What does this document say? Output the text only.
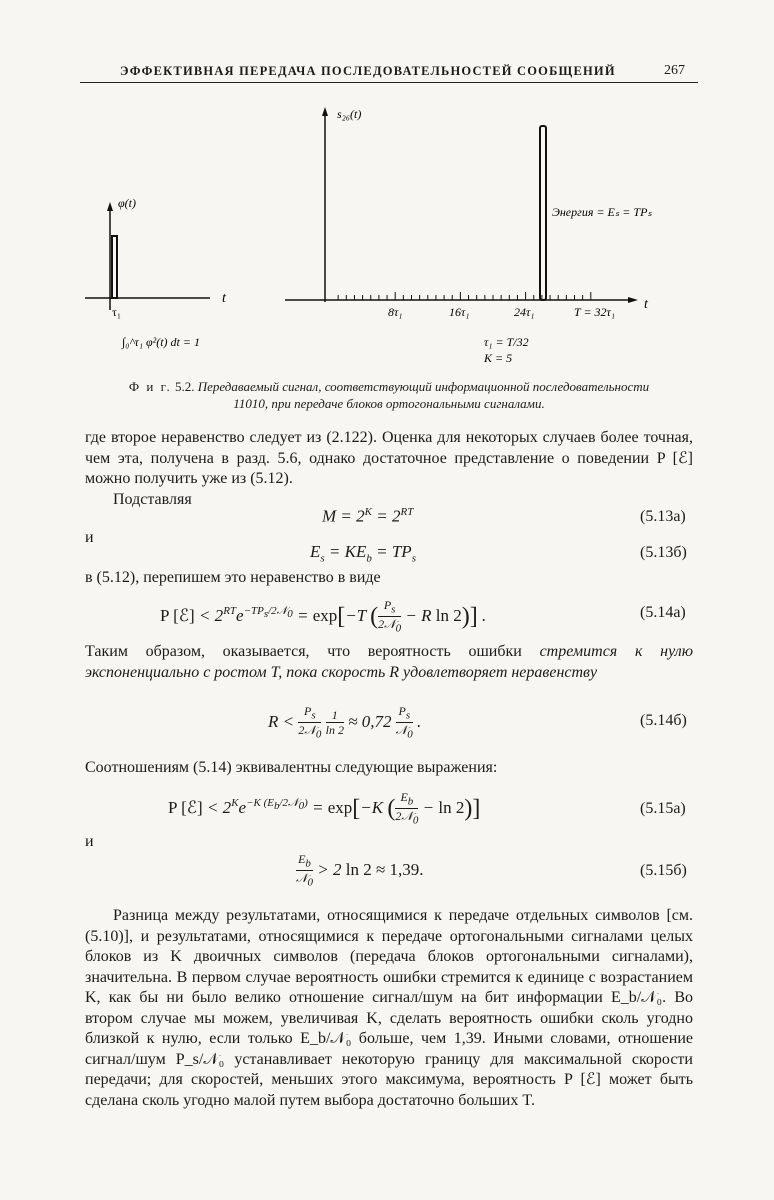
ЭФФЕКТИВНАЯ ПЕРЕДАЧА ПОСЛЕДОВАТЕЛЬНОСТЕЙ СООБЩЕНИЙ	267
φ(t)
t
τ₁
∫₀^τ₁ φ²(t) dt = 1
s₂₆(t)
t
8τ₁	16τ₁	24τ₁	T = 32τ₁
Энергия = Eₛ = TPₛ
τ₁ = T/32
K = 5
Ф и г. 5.2. Передаваемый сигнал, соответствующий информационной последовательности
11010, при передаче блоков ортогональными сигналами.
где второе неравенство следует из (2.122). Оценка для некоторых случаев более точная, чем эта, получена в разд. 5.6, однако достаточное представление о поведении P [ℰ] можно получить уже из (5.12).
Подставляя
$M = 2^K = 2^{RT}$	(5.13а)
и
$E_s = KE_b = TP_s$	(5.13б)
в (5.12), перепишем это неравенство в виде
P [ℰ] < $2^{RT}e^{-TP_s/2𝒩_0} = \exp[-T$ ( $\frac{P_s}{2𝒩_0} - R$ ln 2)] .	(5.14а)
Таким образом, оказывается, что вероятность ошибки стремится к нулю экспоненциально с ростом T, пока скорость R удовлетворяет неравенству
$R < \frac{P_s}{2𝒩_0}$
$\frac{1}{\ln 2} \approx 0,72 \frac{P_s}{𝒩_0}$ .	(5.14б)
Соотношениям (5.14) эквивалентны следующие выражения:
P [ℰ] < $2^Ke^{-K (E_b/2𝒩_0)} = \exp[-K$ ( $\frac{E_b}{2𝒩_0} - \ln 2$)]	(5.15а)
и
$\frac{E_b}{𝒩_0} > 2$ ln 2 ≈ 1,39.	(5.15б)
Разница между результатами, относящимися к передаче отдельных символов [см. (5.10)], и результатами, относящимися к передаче ортогональными сигналами целых блоков из K двоичных символов (передача блоков ортогональными сигналами), значительна. В первом случае вероятность ошибки стремится к единице с возрастанием K, как бы ни было велико отношение сигнал/шум на бит информации E_b/𝒩₀. Во втором случае мы можем, увеличивая K, сделать вероятность ошибки сколь угодно близкой к нулю, если только E_b/𝒩₀ больше, чем 1,39. Иными словами, отношение сигнал/шум P_s/𝒩₀ устанавливает некоторую границу для максимальной скорости передачи; для скоростей, меньших этого максимума, вероятность P [ℰ] может быть сделана сколь угодно малой путем выбора достаточно больших T.
